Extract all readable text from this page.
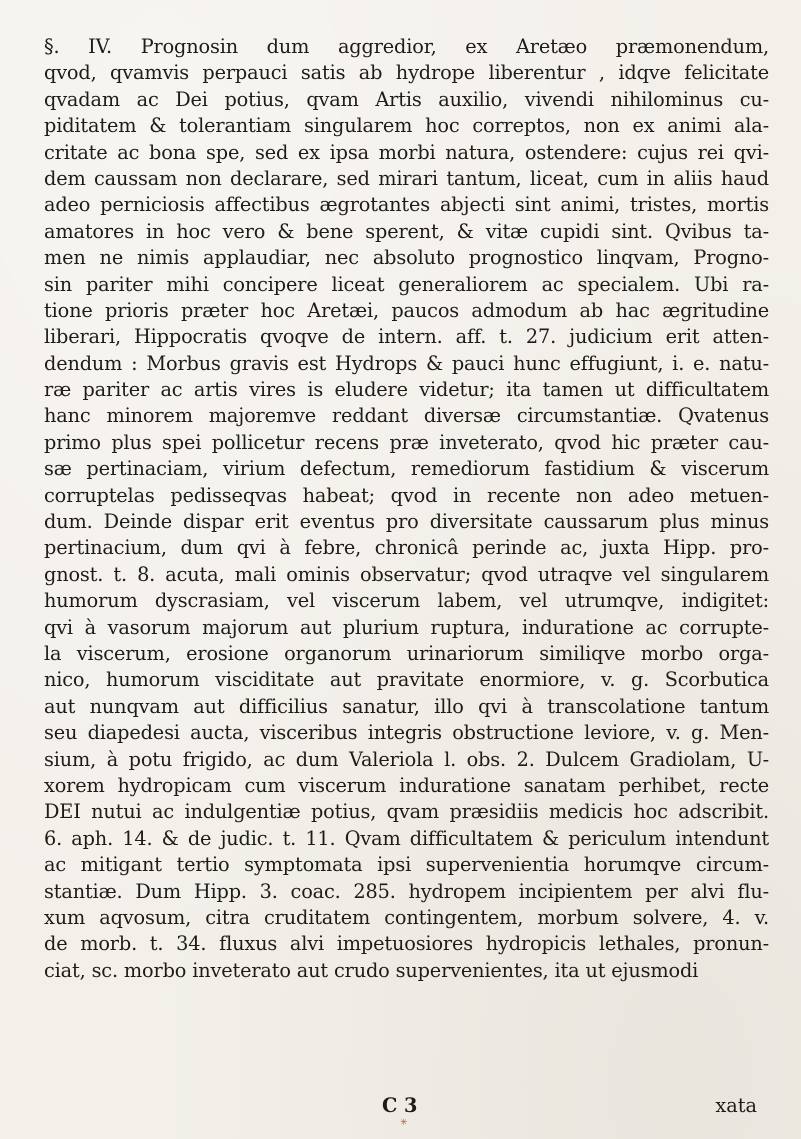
§. IV. Prognosin dum aggredior, ex Aretæo præmonendum,
qvod, qvamvis perpauci satis ab hydrope liberentur , idqve felicitate
qvadam ac Dei potius, qvam Artis auxilio, vivendi nihilominus cu-
piditatem & tolerantiam singularem hoc correptos, non ex animi ala-
critate ac bona spe, sed ex ipsa morbi natura, ostendere: cujus rei qvi-
dem caussam non declarare, sed mirari tantum, liceat, cum in aliis haud
adeo perniciosis affectibus ægrotantes abjecti sint animi, tristes, mortis
amatores in hoc vero & bene sperent, & vitæ cupidi sint. Qvibus ta-
men ne nimis applaudiar, nec absoluto prognostico linqvam, Progno-
sin pariter mihi concipere liceat generaliorem ac specialem. Ubi ra-
tione prioris præter hoc Aretæi, paucos admodum ab hac ægritudine
liberari, Hippocratis qvoqve de intern. aff. t. 27. judicium erit atten-
dendum : Morbus gravis est Hydrops & pauci hunc effugiunt, i. e. natu-
ræ pariter ac artis vires is eludere videtur; ita tamen ut difficultatem
hanc minorem majoremve reddant diversæ circumstantiæ. Qvatenus
primo plus spei pollicetur recens præ inveterato, qvod hic præter cau-
sæ pertinaciam, virium defectum, remediorum fastidium & viscerum
corruptelas pedisseqvas habeat; qvod in recente non adeo metuen-
dum. Deinde dispar erit eventus pro diversitate caussarum plus minus
pertinacium, dum qvi à febre, chronicâ perinde ac, juxta Hipp. pro-
gnost. t. 8. acuta, mali ominis observatur; qvod utraqve vel singularem
humorum dyscrasiam, vel viscerum labem, vel utrumqve, indigitet:
qvi à vasorum majorum aut plurium ruptura, induratione ac corrupte-
la viscerum, erosione organorum urinariorum similiqve morbo orga-
nico, humorum visciditate aut pravitate enormiore, v. g. Scorbutica
aut nunqvam aut difficilius sanatur, illo qvi à transcolatione tantum
seu diapedesi aucta, visceribus integris obstructione leviore, v. g. Men-
sium, à potu frigido, ac dum Valeriola l. obs. 2. Dulcem Gradiolam, U-
xorem hydropicam cum viscerum induratione sanatam perhibet, recte
DEI nutui ac indulgentiæ potius, qvam præsidiis medicis hoc adscribit.
6. aph. 14. & de judic. t. 11. Qvam difficultatem & periculum intendunt
ac mitigant tertio symptomata ipsi supervenientia horumqve circum-
stantiæ. Dum Hipp. 3. coac. 285. hydropem incipientem per alvi flu-
xum aqvosum, citra cruditatem contingentem, morbum solvere, 4. v.
de morb. t. 34. fluxus alvi impetuosiores hydropicis lethales, pronun-
ciat, sc. morbo inveterato aut crudo supervenientes, ita ut ejusmodi
C 3	xata
✳
